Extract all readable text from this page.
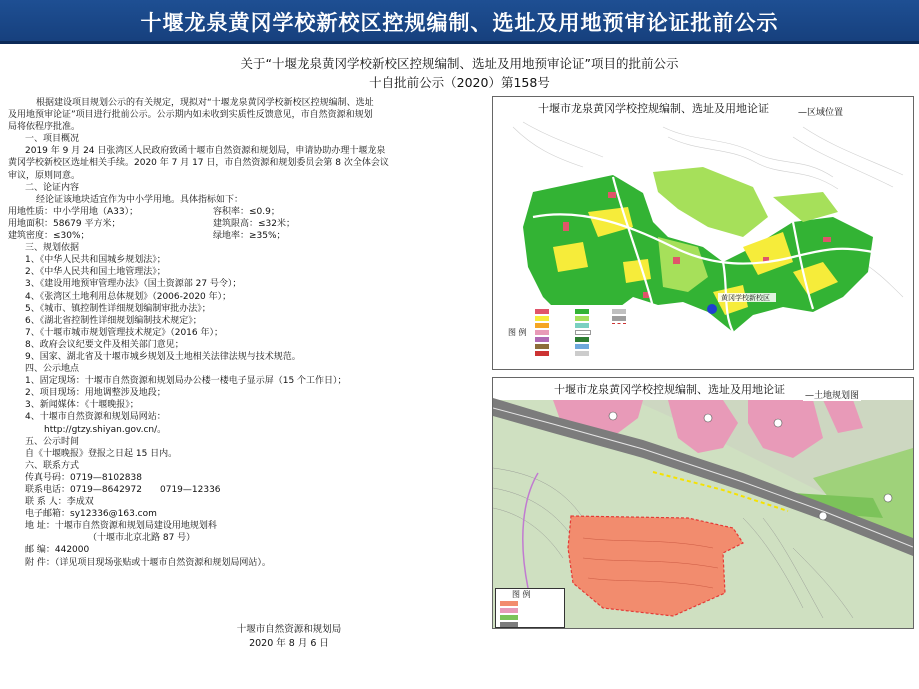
十堰龙泉黄冈学校新校区控规编制、选址及用地预审论证批前公示
关于“十堰龙泉黄冈学校新校区控规编制、选址及用地预审论证”项目的批前公示
十自批前公示（2020）第158号

根据建设项目规划公示的有关规定，现拟对“十堰龙泉黄冈学校新校区控规编制、选址

及用地预审论证”项目进行批前公示。公示期内如未收到实质性反馈意见，市自然资源和规划

局将依程序批准。

一、项目概况

2019 年 9 月 24 日张湾区人民政府致函十堰市自然资源和规划局，申请协助办理十堰龙泉

黄冈学校新校区选址相关手续。2020 年 7 月 17 日，市自然资源和规划委员会第 8 次全体会议

审议，原则同意。

二、论证内容

经论证该地块适宜作为中小学用地。具体指标如下：

用地性质：中小学用地（A33）；	容积率：≤0.9；
用地面积：58679 平方米；	建筑限高：≤32米；
建筑密度：≤30%；	绿地率：≥35%；

三、规划依据

1、《中华人民共和国城乡规划法》；

2、《中华人民共和国土地管理法》；

3、《建设用地预审管理办法》（国土资源部 27 号令）；

4、《张湾区土地利用总体规划》（2006-2020 年）；

5、《城市、镇控制性详细规划编制审批办法》；

6、《湖北省控制性详细规划编制技术规定》；

7、《十堰市城市规划管理技术规定》（2016 年）；

8、政府会议纪要文件及相关部门意见；

9、国家、湖北省及十堰市城乡规划及土地相关法律法规与技术规范。

四、公示地点

1、固定现场：十堰市自然资源和规划局办公楼一楼电子显示屏（15 个工作日）；

2、项目现场：用地调整涉及地段；

3、新闻媒体：《十堰晚报》；

4、十堰市自然资源和规划局网站：

http://gtzy.shiyan.gov.cn/。

五、公示时间

自《十堰晚报》登报之日起 15 日内。

六、联系方式

传真号码：0719—8102838

联系电话：0719—8642972 0719—12336

联 系 人：李成双

电子邮箱：sy12336@163.com

地 址：十堰市自然资源和规划局建设用地规划科

（十堰市北京北路 87 号）

邮 编：442000

附 件：（详见项目现场张贴或十堰市自然资源和规划局网站）。

十堰市自然资源和规划局
2020 年 8 月 6 日
十堰市龙泉黄冈学校控规编制、选址及用地论证	—区域位置
黄冈学校新校区
图 例
十堰市龙泉黄冈学校控规编制、选址及用地论证	—土地规划图
图 例
